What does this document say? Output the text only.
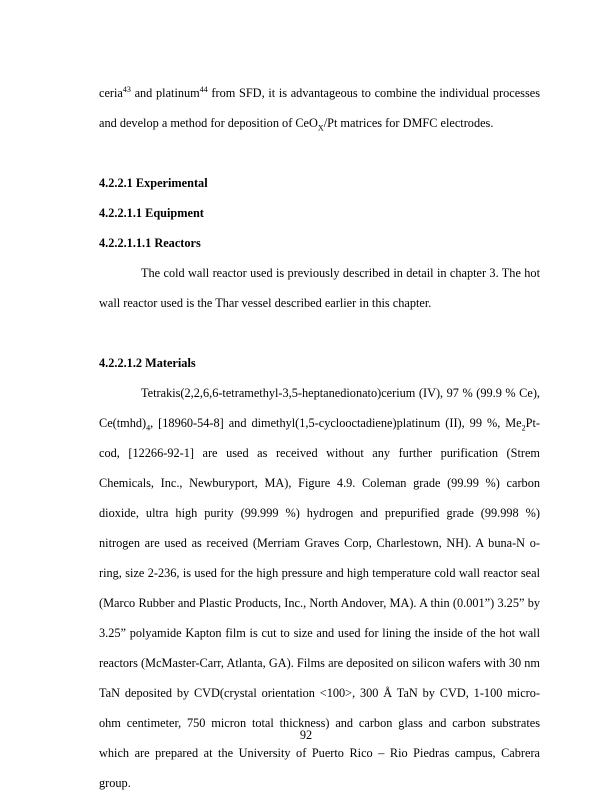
ceria$^{43}$ and platinum$^{44}$ from SFD, it is advantageous to combine the individual processes and develop a method for deposition of CeO$_X$/Pt matrices for DMFC electrodes.

4.2.2.1 Experimental
4.2.2.1.1 Equipment
4.2.2.1.1.1 Reactors

The cold wall reactor used is previously described in detail in chapter 3. The hot wall reactor used is the Thar vessel described earlier in this chapter.

4.2.2.1.2 Materials

Tetrakis(2,2,6,6-tetramethyl-3,5-heptanedionato)cerium (IV), 97 % (99.9 % Ce), $Ce(tmhd)_4$, [18960-54-8] and dimethyl(1,5-cyclooctadiene)platinum (II), 99 %, $Me_2Pt$-cod, [12266-92-1] are used as received without any further purification (Strem Chemicals, Inc., Newburyport, MA), Figure 4.9. Coleman grade (99.99 %) carbon dioxide, ultra high purity (99.999 %) hydrogen and prepurified grade (99.998 %) nitrogen are used as received (Merriam Graves Corp, Charlestown, NH). A buna-N o-ring, size 2-236, is used for the high pressure and high temperature cold wall reactor seal (Marco Rubber and Plastic Products, Inc., North Andover, MA). A thin (0.001”) 3.25” by 3.25” polyamide Kapton film is cut to size and used for lining the inside of the hot wall reactors (McMaster-Carr, Atlanta, GA). Films are deposited on silicon wafers with 30 nm TaN deposited by CVD(crystal orientation <100>, 300 Å TaN by CVD, 1-100 micro-ohm centimeter, 750 micron total thickness) and carbon glass and carbon substrates which are prepared at the University of Puerto Rico – Rio Piedras campus, Cabrera group.

92
